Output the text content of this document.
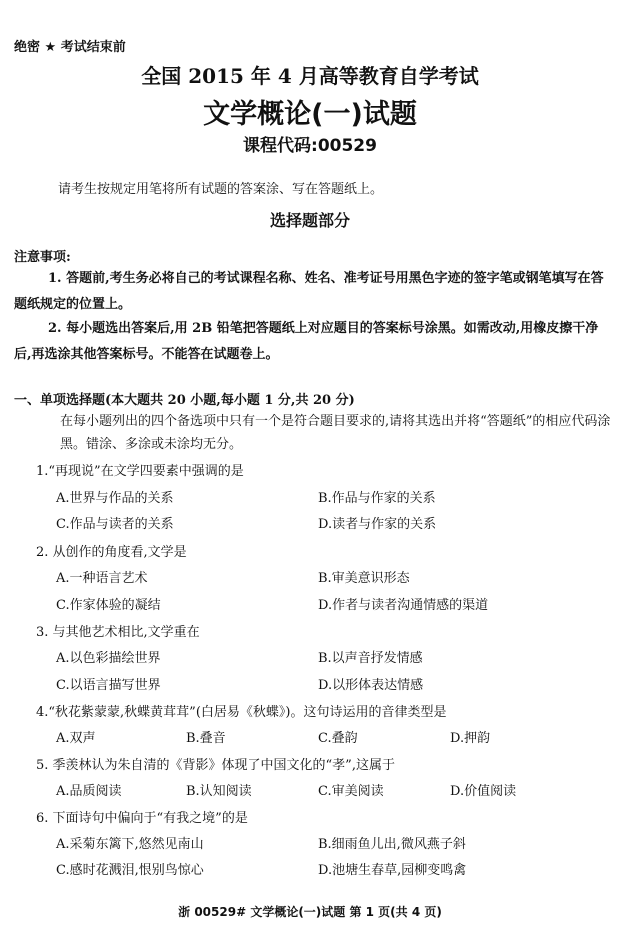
绝密 ★ 考试结束前
全国 2015 年 4 月高等教育自学考试
文学概论(一)试题
课程代码:00529
请考生按规定用笔将所有试题的答案涂、写在答题纸上。
选择题部分
注意事项:
1. 答题前,考生务必将自己的考试课程名称、姓名、准考证号用黑色字迹的签字笔或钢笔填写在答题纸规定的位置上。
2. 每小题选出答案后,用 2B 铅笔把答题纸上对应题目的答案标号涂黑。如需改动,用橡皮擦干净后,再选涂其他答案标号。不能答在试题卷上。
一、单项选择题(本大题共 20 小题,每小题 1 分,共 20 分)
在每小题列出的四个备选项中只有一个是符合题目要求的,请将其选出并将“答题纸”的相应代码涂黑。错涂、多涂或未涂均无分。
1.“再现说”在文学四要素中强调的是
A.世界与作品的关系	B.作品与作家的关系
C.作品与读者的关系	D.读者与作家的关系
2. 从创作的角度看,文学是
A.一种语言艺术	B.审美意识形态
C.作家体验的凝结	D.作者与读者沟通情感的渠道
3. 与其他艺术相比,文学重在
A.以色彩描绘世界	B.以声音抒发情感
C.以语言描写世界	D.以形体表达情感
4.“秋花紫蒙蒙,秋蝶黄茸茸”(白居易《秋蝶》)。这句诗运用的音律类型是
A.双声	B.叠音	C.叠韵	D.押韵
5. 季羡林认为朱自清的《背影》体现了中国文化的“孝”,这属于
A.品质阅读	B.认知阅读	C.审美阅读	D.价值阅读
6. 下面诗句中偏向于“有我之境”的是
A.采菊东篱下,悠然见南山	B.细雨鱼儿出,微风燕子斜
C.感时花溅泪,恨别鸟惊心	D.池塘生春草,园柳变鸣禽
浙 00529# 文学概论(一)试题 第 1 页(共 4 页)
